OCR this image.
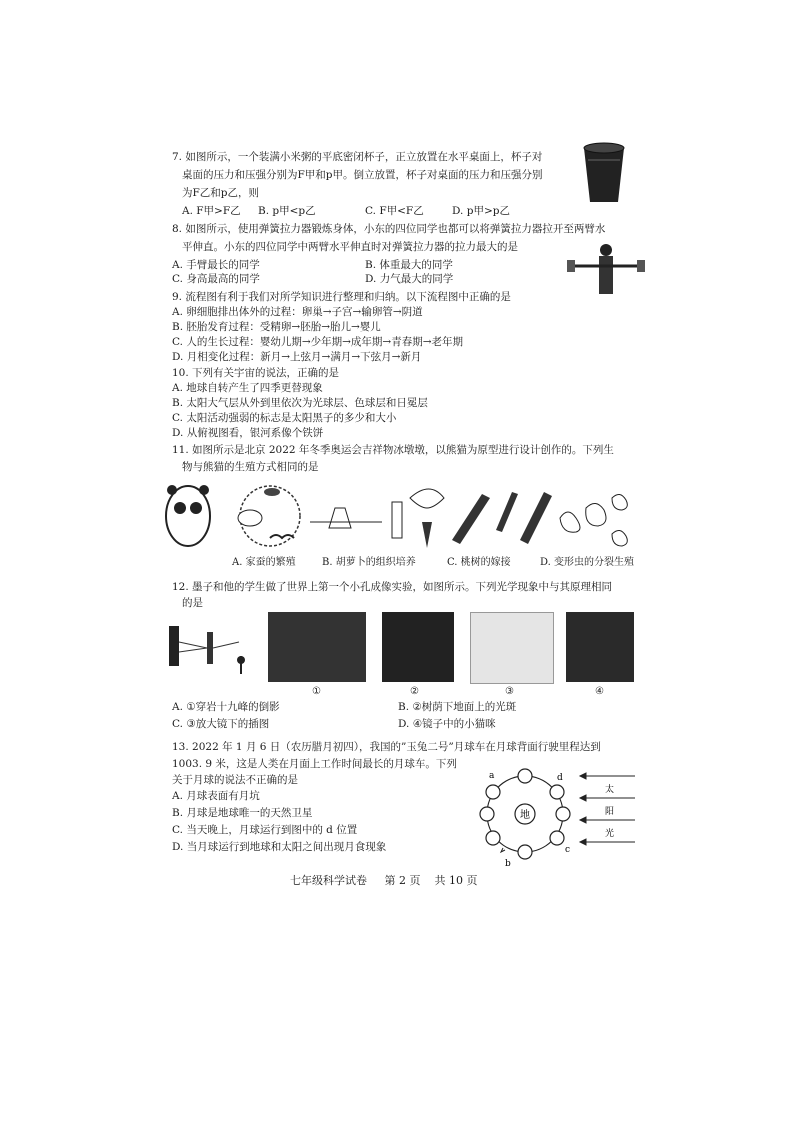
7. 如图所示，一个装满小米粥的平底密闭杯子，正立放置在水平桌面上，杯子对
桌面的压力和压强分别为F甲和p甲。倒立放置，杯子对桌面的压力和压强分别
为F乙和p乙，则
A. F甲>F乙 B. p甲<p乙	C. F甲<F乙	D. p甲>p乙
8. 如图所示，使用弹簧拉力器锻炼身体，小东的四位同学也都可以将弹簧拉力器拉开至两臂水
平伸直。小东的四位同学中两臂水平伸直时对弹簧拉力器的拉力最大的是
A. 手臂最长的同学	B. 体重最大的同学
C. 身高最高的同学	D. 力气最大的同学
9. 流程图有利于我们对所学知识进行整理和归纳。以下流程图中正确的是
A. 卵细胞排出体外的过程：卵巢→子宫→输卵管→阴道
B. 胚胎发育过程：受精卵→胚胎→胎儿→婴儿
C. 人的生长过程：婴幼儿期→少年期→成年期→青春期→老年期
D. 月相变化过程：新月→上弦月→满月→下弦月→新月
10. 下列有关宇宙的说法，正确的是
A. 地球自转产生了四季更替现象
B. 太阳大气层从外到里依次为光球层、色球层和日冕层
C. 太阳活动强弱的标志是太阳黑子的多少和大小
D. 从俯视图看，银河系像个铁饼
11. 如图所示是北京 2022 年冬季奥运会吉祥物冰墩墩，以熊猫为原型进行设计创作的。下列生
物与熊猫的生殖方式相同的是
A. 家蚕的繁殖	B. 胡萝卜的组织培养	C. 桃树的嫁接	D. 变形虫的分裂生殖
12. 墨子和他的学生做了世界上第一个小孔成像实验，如图所示。下列光学现象中与其原理相同
的是
①	②	③	④
A. ①穿岩十九峰的倒影	B. ②树荫下地面上的光斑
C. ③放大镜下的插图	D. ④镜子中的小猫咪
13. 2022 年 1 月 6 日（农历腊月初四），我国的”玉兔二号”月球车在月球背面行驶里程达到
1003. 9 米，这是人类在月面上工作时间最长的月球车。下列
关于月球的说法不正确的是
A. 月球表面有月坑
B. 月球是地球唯一的天然卫星
C. 当天晚上，月球运行到图中的 d 位置
D. 当月球运行到地球和太阳之间出现月食现象
地
a
b
c
d
太
阳
光
七年级科学试卷 第 2 页 共 10 页
